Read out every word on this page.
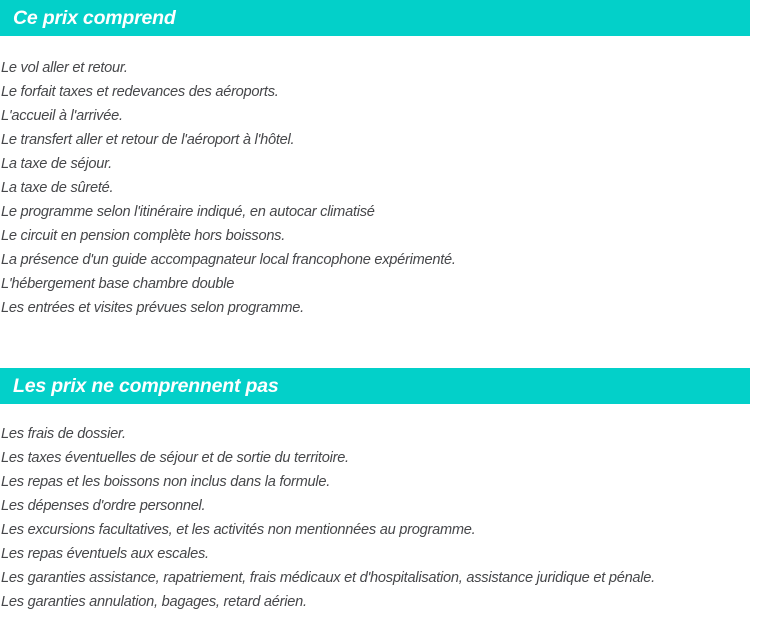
Ce prix comprend
Le vol aller et retour.
Le forfait taxes et redevances des aéroports.
L'accueil à l'arrivée.
Le transfert aller et retour de l'aéroport à l'hôtel.
La taxe de séjour.
La taxe de sûreté.
Le programme selon l'itinéraire indiqué, en autocar climatisé
Le circuit en pension complète hors boissons.
La présence d'un guide accompagnateur local francophone expérimenté.
L'hébergement base chambre double
Les entrées et visites prévues selon programme.
Les prix ne comprennent pas
Les frais de dossier.
Les taxes éventuelles de séjour et de sortie du territoire.
Les repas et les boissons non inclus dans la formule.
Les dépenses d'ordre personnel.
Les excursions facultatives, et les activités non mentionnées au programme.
Les repas éventuels aux escales.
Les garanties assistance, rapatriement, frais médicaux et d'hospitalisation, assistance juridique et pénale.
Les garanties annulation, bagages, retard aérien.
